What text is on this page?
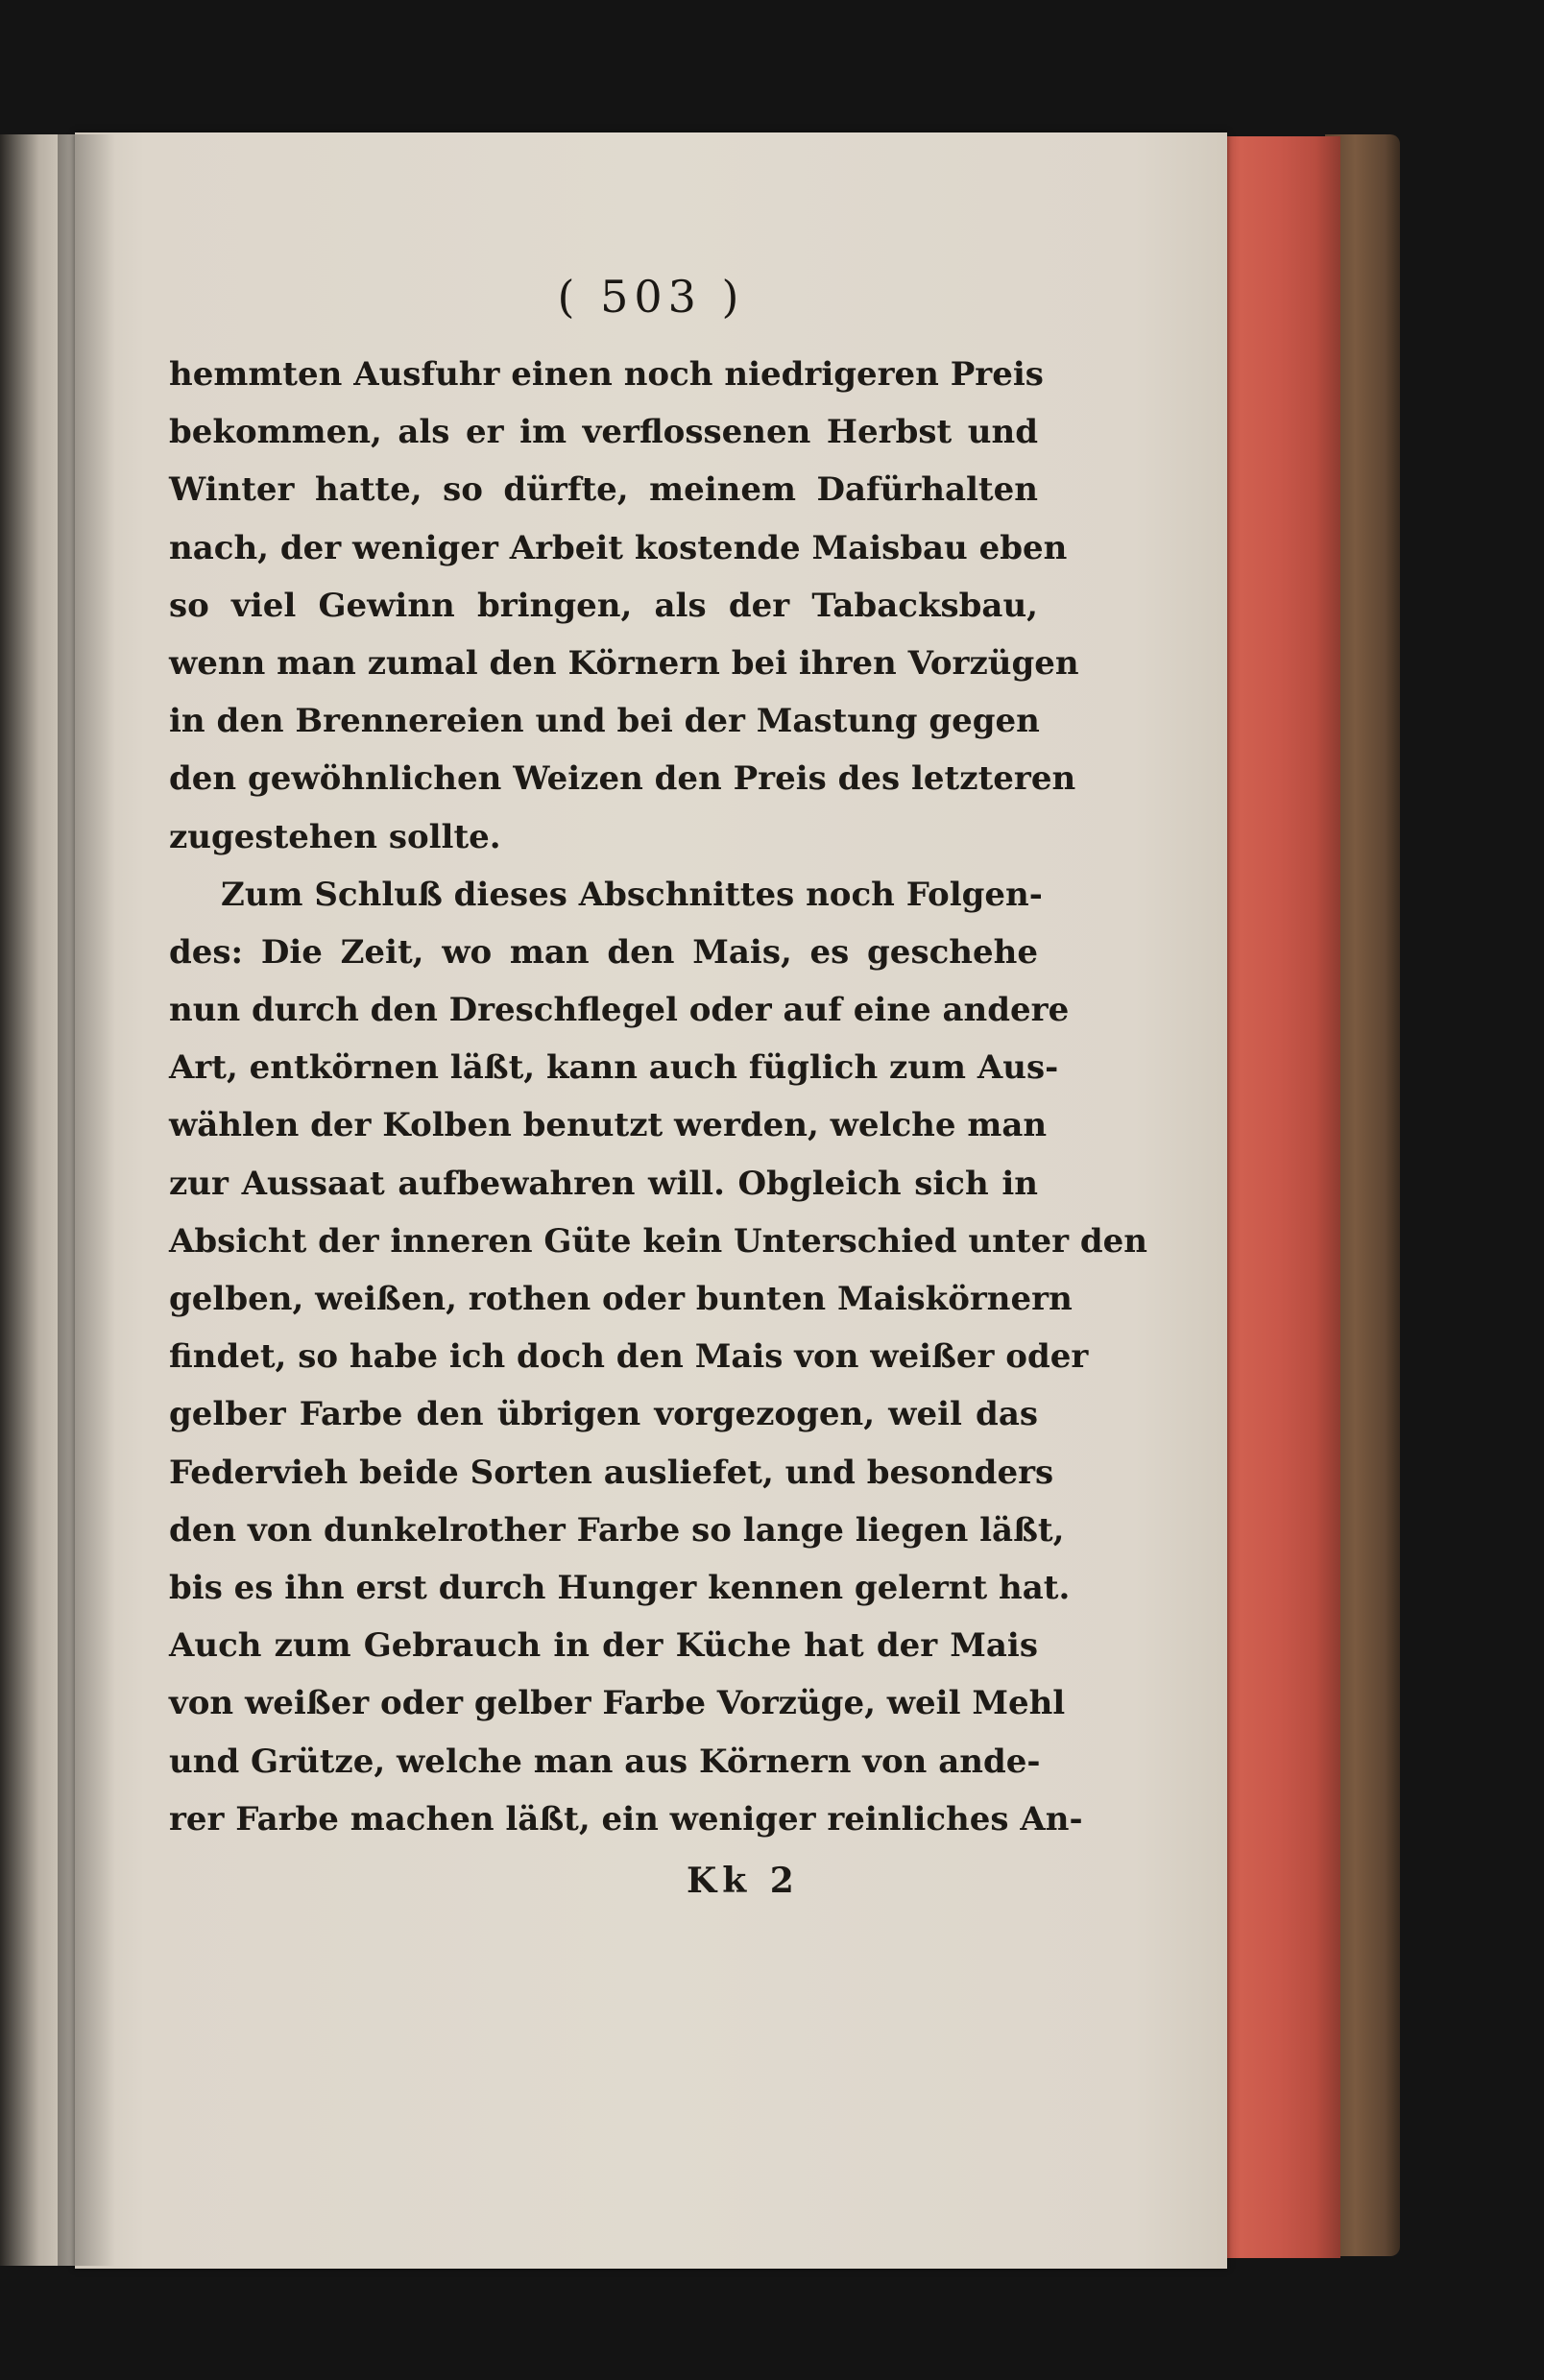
( 503 )
hemmten Ausfuhr einen noch niedrigeren Preis
bekommen, als er im verflossenen Herbst und
Winter hatte, so dürfte, meinem Dafürhalten
nach, der weniger Arbeit kostende Maisbau eben
so viel Gewinn bringen, als der Tabacksbau,
wenn man zumal den Körnern bei ihren Vorzügen
in den Brennereien und bei der Mastung gegen
den gewöhnlichen Weizen den Preis des letzteren
zugestehen sollte.
Zum Schluß dieses Abschnittes noch Folgen-
des: Die Zeit, wo man den Mais, es geschehe
nun durch den Dreschflegel oder auf eine andere
Art, entkörnen läßt, kann auch füglich zum Aus-
wählen der Kolben benutzt werden, welche man
zur Aussaat aufbewahren will. Obgleich sich in
Absicht der inneren Güte kein Unterschied unter den
gelben, weißen, rothen oder bunten Maiskörnern
findet, so habe ich doch den Mais von weißer oder
gelber Farbe den übrigen vorgezogen, weil das
Federvieh beide Sorten ausliefet, und besonders
den von dunkelrother Farbe so lange liegen läßt,
bis es ihn erst durch Hunger kennen gelernt hat.
Auch zum Gebrauch in der Küche hat der Mais
von weißer oder gelber Farbe Vorzüge, weil Mehl
und Grütze, welche man aus Körnern von ande-
rer Farbe machen läßt, ein weniger reinliches An-
Kk 2
